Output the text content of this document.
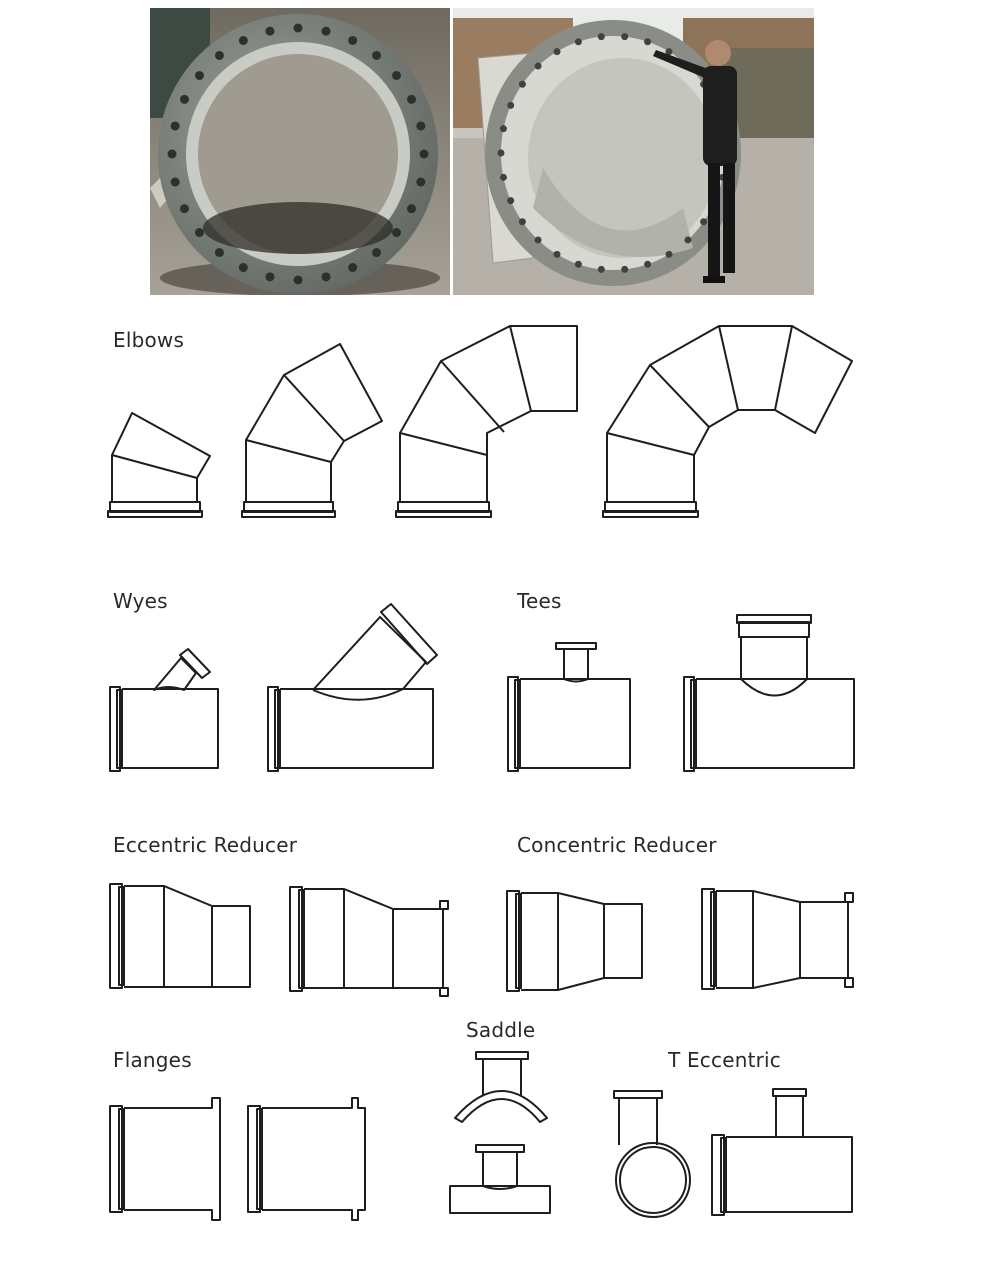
Elbows
Wyes	Tees
Eccentric Reducer	Concentric Reducer
Saddle
Flanges	T Eccentric
